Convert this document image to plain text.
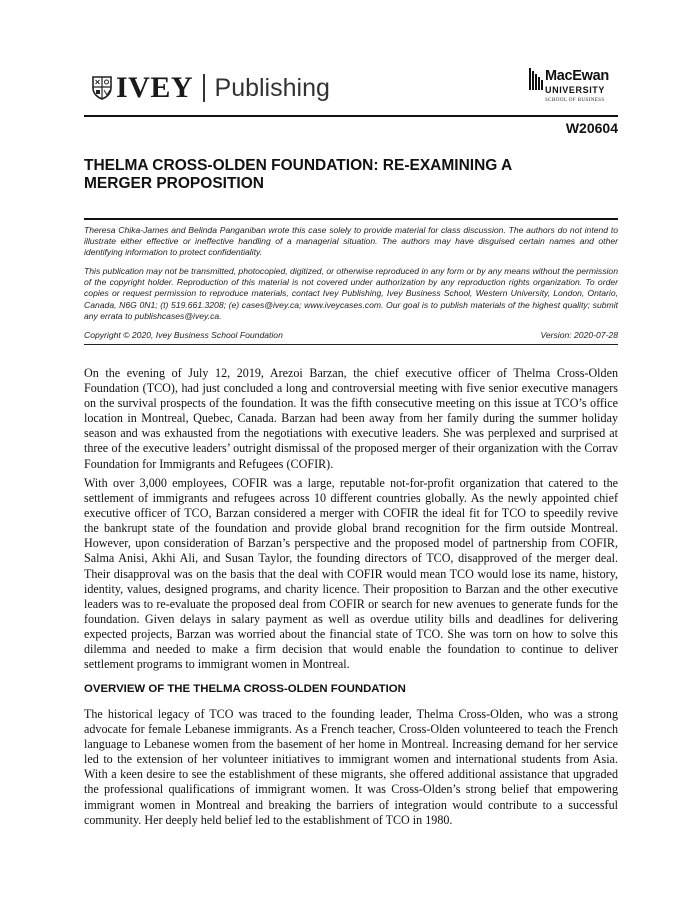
IVEY Publishing	MacEwan
UNIVERSITY
SCHOOL OF BUSINESS
W20604
THELMA CROSS-OLDEN FOUNDATION: RE-EXAMINING A MERGER PROPOSITION

Theresa Chika-James and Belinda Panganiban wrote this case solely to provide material for class discussion. The authors do not intend to illustrate either effective or ineffective handling of a managerial situation. The authors may have disguised certain names and other identifying information to protect confidentiality.

This publication may not be transmitted, photocopied, digitized, or otherwise reproduced in any form or by any means without the permission of the copyright holder. Reproduction of this material is not covered under authorization by any reproduction rights organization. To order copies or request permission to reproduce materials, contact Ivey Publishing, Ivey Business School, Western University, London, Ontario, Canada, N6G 0N1; (t) 519.661.3208; (e) cases@ivey.ca; www.iveycases.com. Our goal is to publish materials of the highest quality; submit any errata to publishcases@ivey.ca.

Copyright © 2020, Ivey Business School Foundation	Version: 2020-07-28

On the evening of July 12, 2019, Arezoi Barzan, the chief executive officer of Thelma Cross-Olden Foundation (TCO), had just concluded a long and controversial meeting with five senior executive managers on the survival prospects of the foundation. It was the fifth consecutive meeting on this issue at TCO’s office location in Montreal, Quebec, Canada. Barzan had been away from her family during the summer holiday season and was exhausted from the negotiations with executive leaders. She was perplexed and surprised at three of the executive leaders’ outright dismissal of the proposed merger of their organization with the Corrav Foundation for Immigrants and Refugees (COFIR).

With over 3,000 employees, COFIR was a large, reputable not-for-profit organization that catered to the settlement of immigrants and refugees across 10 different countries globally. As the newly appointed chief executive officer of TCO, Barzan considered a merger with COFIR the ideal fit for TCO to speedily revive the bankrupt state of the foundation and provide global brand recognition for the firm outside Montreal. However, upon consideration of Barzan’s perspective and the proposed model of partnership from COFIR, Salma Anisi, Akhi Ali, and Susan Taylor, the founding directors of TCO, disapproved of the merger deal. Their disapproval was on the basis that the deal with COFIR would mean TCO would lose its name, history, identity, values, designed programs, and charity licence. Their proposition to Barzan and the other executive leaders was to re-evaluate the proposed deal from COFIR or search for new avenues to generate funds for the foundation. Given delays in salary payment as well as overdue utility bills and deadlines for delivering expected projects, Barzan was worried about the financial state of TCO. She was torn on how to solve this dilemma and needed to make a firm decision that would enable the foundation to continue to deliver settlement programs to immigrant women in Montreal.

OVERVIEW OF THE THELMA CROSS-OLDEN FOUNDATION

The historical legacy of TCO was traced to the founding leader, Thelma Cross-Olden, who was a strong advocate for female Lebanese immigrants. As a French teacher, Cross-Olden volunteered to teach the French language to Lebanese women from the basement of her home in Montreal. Increasing demand for her service led to the extension of her volunteer initiatives to immigrant women and international students from Asia. With a keen desire to see the establishment of these migrants, she offered additional assistance that upgraded the professional qualifications of immigrant women. It was Cross-Olden’s strong belief that empowering immigrant women in Montreal and breaking the barriers of integration would contribute to a successful community. Her deeply held belief led to the establishment of TCO in 1980.
